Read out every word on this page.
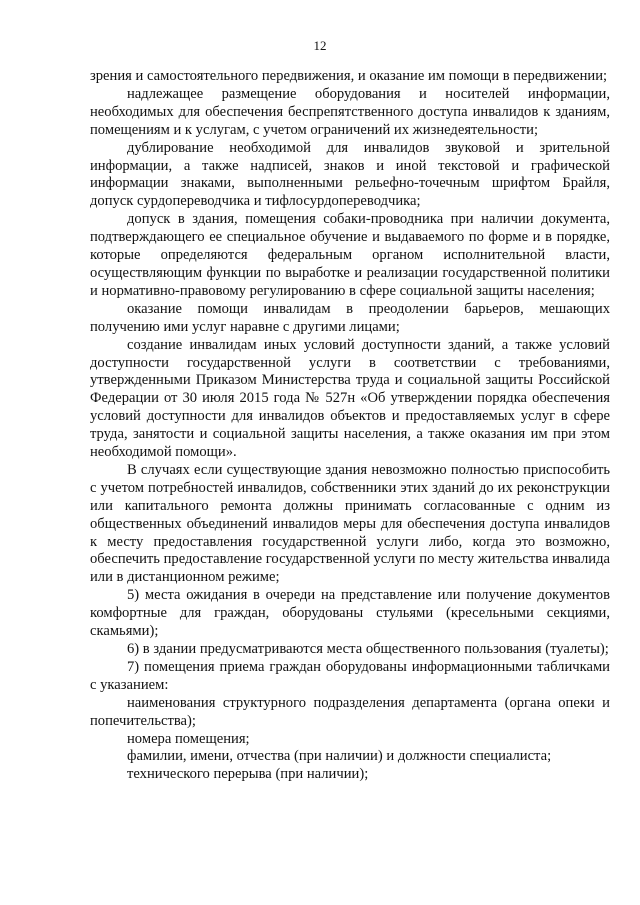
12

зрения и самостоятельного передвижения, и оказание им помощи в передвижении;

надлежащее размещение оборудования и носителей информации, необходимых для обеспечения беспрепятственного доступа инвалидов к зданиям, помещениям и к услугам, с учетом ограничений их жизнедеятельности;

дублирование необходимой для инвалидов звуковой и зрительной информации, а также надписей, знаков и иной текстовой и графической информации знаками, выполненными рельефно-точечным шрифтом Брайля, допуск сурдопереводчика и тифлосурдопереводчика;

допуск в здания, помещения собаки-проводника при наличии документа, подтверждающего ее специальное обучение и выдаваемого по форме и в порядке, которые определяются федеральным органом исполнительной власти, осуществляющим функции по выработке и реализации государственной политики и нормативно-правовому регулированию в сфере социальной защиты населения;

оказание помощи инвалидам в преодолении барьеров, мешающих получению ими услуг наравне с другими лицами;

создание инвалидам иных условий доступности зданий, а также условий доступности государственной услуги в соответствии с требованиями, утвержденными Приказом Министерства труда и социальной защиты Российской Федерации от 30 июля 2015 года № 527н «Об утверждении порядка обеспечения условий доступности для инвалидов объектов и предоставляемых услуг в сфере труда, занятости и социальной защиты населения, а также оказания им при этом необходимой помощи».

В случаях если существующие здания невозможно полностью приспособить с учетом потребностей инвалидов, собственники этих зданий до их реконструкции или капитального ремонта должны принимать согласованные с одним из общественных объединений инвалидов меры для обеспечения доступа инвалидов к месту предоставления государственной услуги либо, когда это возможно, обеспечить предоставление государственной услуги по месту жительства инвалида или в дистанционном режиме;

5) места ожидания в очереди на представление или получение документов комфортные для граждан, оборудованы стульями (кресельными секциями, скамьями);

6) в здании предусматриваются места общественного пользования (туалеты);

7) помещения приема граждан оборудованы информационными табличками с указанием:

наименования структурного подразделения департамента (органа опеки и попечительства);

номера помещения;

фамилии, имени, отчества (при наличии) и должности специалиста;

технического перерыва (при наличии);
